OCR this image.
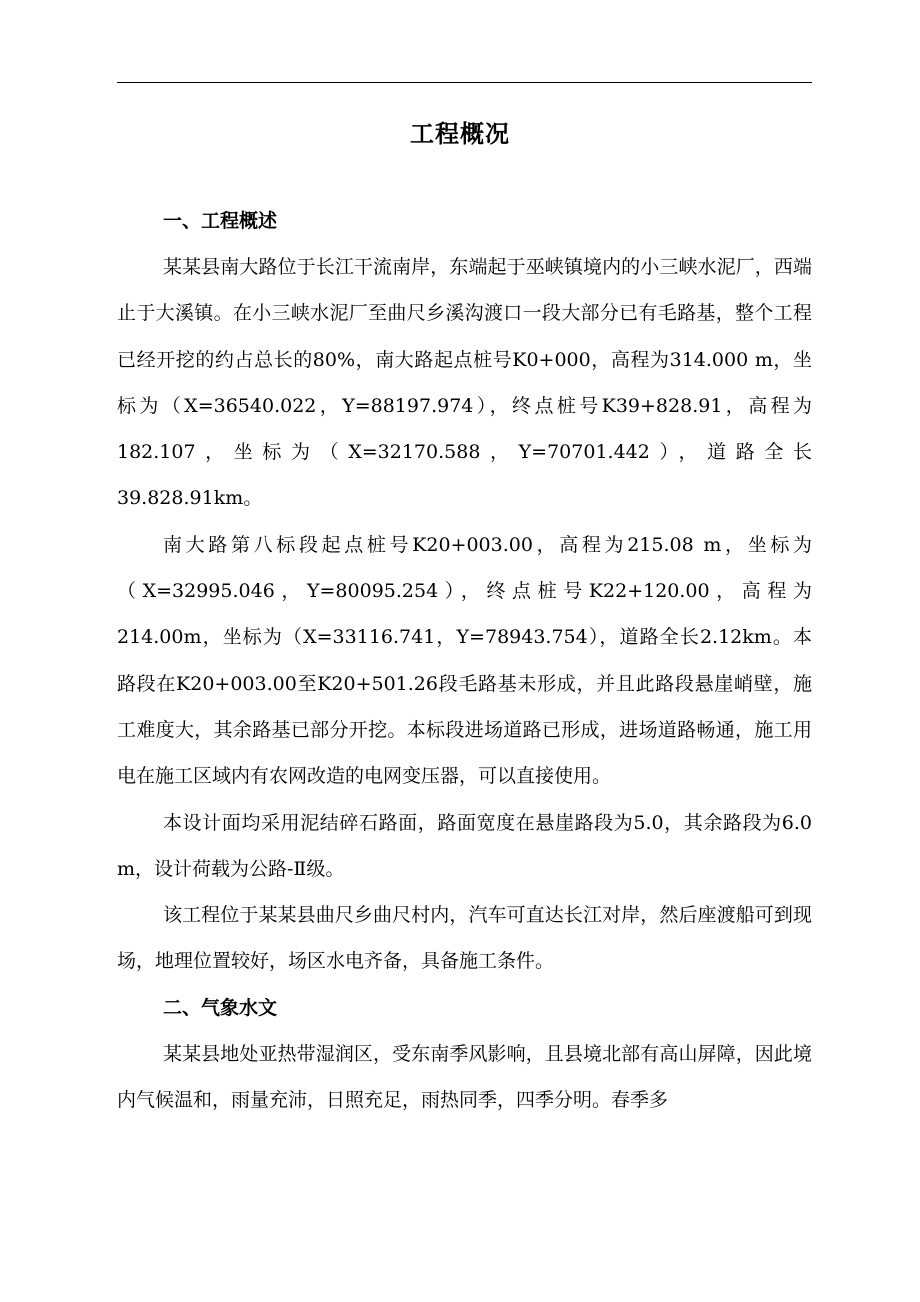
工程概况
一、工程概述

某某县南大路位于长江干流南岸，东端起于巫峡镇境内的小三峡水泥厂，西端止于大溪镇。在小三峡水泥厂至曲尺乡溪沟渡口一段大部分已有毛路基，整个工程已经开挖的约占总长的80%，南大路起点桩号K0+000，高程为314.000 m，坐标为（X=36540.022，Y=88197.974），终点桩号K39+828.91，高程为182.107，坐标为（X=32170.588，Y=70701.442），道路全长39.828.91km。

南大路第八标段起点桩号K20+003.00，高程为215.08 m，坐标为（X=32995.046，Y=80095.254），终点桩号K22+120.00，高程为214.00m，坐标为（X=33116.741，Y=78943.754），道路全长2.12km。本路段在K20+003.00至K20+501.26段毛路基未形成，并且此路段悬崖峭壁，施工难度大，其余路基已部分开挖。本标段进场道路已形成，进场道路畅通，施工用电在施工区域内有农网改造的电网变压器，可以直接使用。

本设计面均采用泥结碎石路面，路面宽度在悬崖路段为5.0，其余路段为6.0 m，设计荷载为公路-Ⅱ级。

该工程位于某某县曲尺乡曲尺村内，汽车可直达长江对岸，然后座渡船可到现场，地理位置较好，场区水电齐备，具备施工条件。

二、气象水文

某某县地处亚热带湿润区，受东南季风影响，且县境北部有高山屏障，因此境内气候温和，雨量充沛，日照充足，雨热同季，四季分明。春季多
